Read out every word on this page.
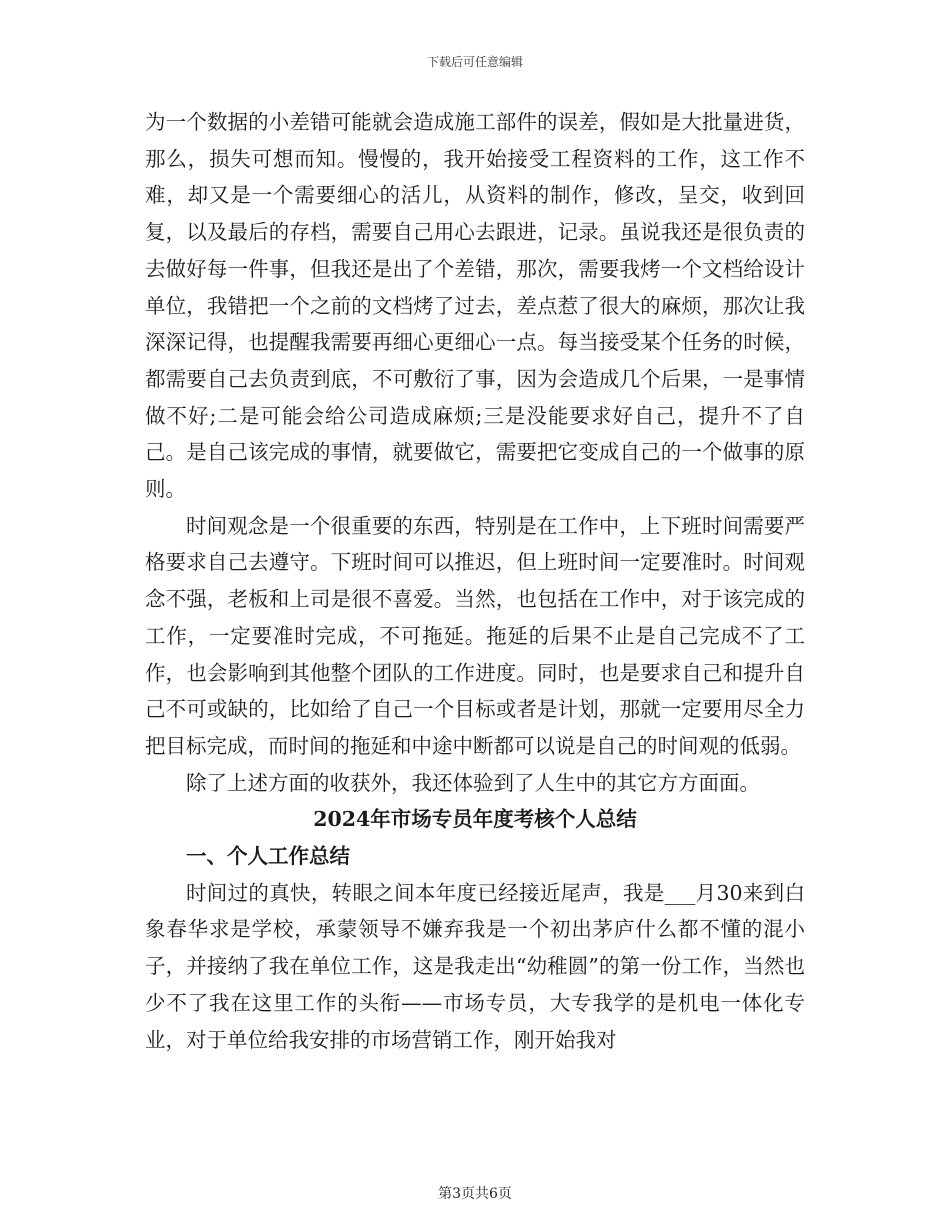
下载后可任意编辑

为一个数据的小差错可能就会造成施工部件的误差，假如是大批量进货，那么，损失可想而知。慢慢的，我开始接受工程资料的工作，这工作不难，却又是一个需要细心的活儿，从资料的制作，修改，呈交，收到回复，以及最后的存档，需要自己用心去跟进，记录。虽说我还是很负责的去做好每一件事，但我还是出了个差错，那次，需要我烤一个文档给设计单位，我错把一个之前的文档烤了过去，差点惹了很大的麻烦，那次让我深深记得，也提醒我需要再细心更细心一点。每当接受某个任务的时候，都需要自己去负责到底，不可敷衍了事，因为会造成几个后果，一是事情做不好;二是可能会给公司造成麻烦;三是没能要求好自己，提升不了自己。是自己该完成的事情，就要做它，需要把它变成自己的一个做事的原则。

时间观念是一个很重要的东西，特别是在工作中，上下班时间需要严格要求自己去遵守。下班时间可以推迟，但上班时间一定要准时。时间观念不强，老板和上司是很不喜爱。当然，也包括在工作中，对于该完成的工作，一定要准时完成，不可拖延。拖延的后果不止是自己完成不了工作，也会影响到其他整个团队的工作进度。同时，也是要求自己和提升自己不可或缺的，比如给了自己一个目标或者是计划，那就一定要用尽全力把目标完成，而时间的拖延和中途中断都可以说是自己的时间观的低弱。

除了上述方面的收获外，我还体验到了人生中的其它方方面面。

2024年市场专员年度考核个人总结

一、个人工作总结

时间过的真快，转眼之间本年度已经接近尾声，我是___月30来到白象春华求是学校，承蒙领导不嫌弃我是一个初出茅庐什么都不懂的混小子，并接纳了我在单位工作，这是我走出“幼稚圆”的第一份工作，当然也少不了我在这里工作的头衔——市场专员，大专我学的是机电一体化专业，对于单位给我安排的市场营销工作，刚开始我对

第3页共6页
